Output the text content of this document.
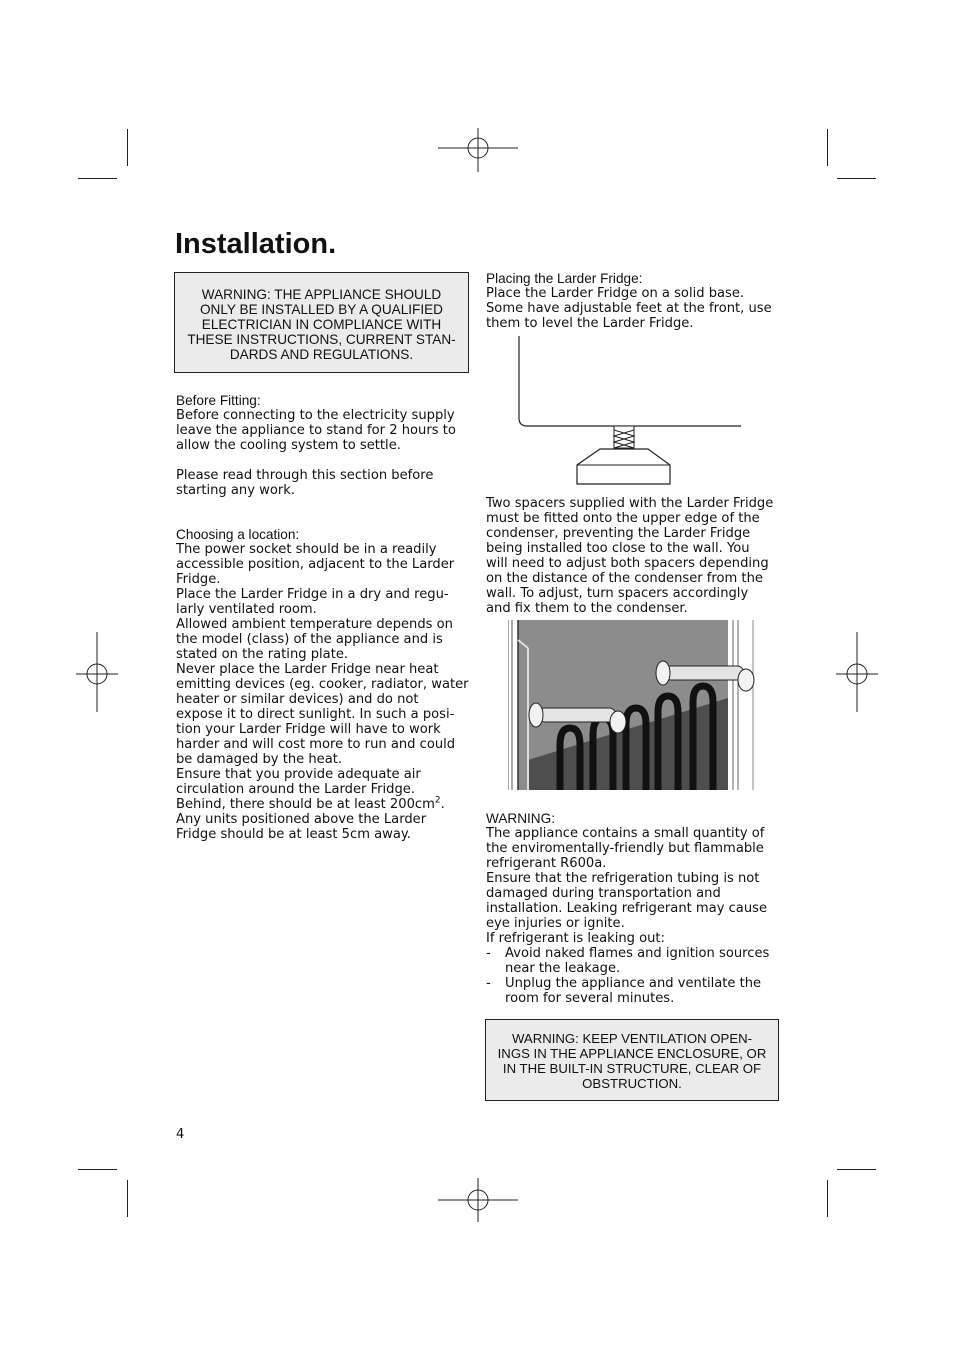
Installation.

WARNING: THE APPLIANCE SHOULD

ONLY BE INSTALLED BY A QUALIFIED

ELECTRICIAN IN COMPLIANCE WITH

THESE INSTRUCTIONS, CURRENT STAN-

DARDS AND REGULATIONS.

Before Fitting:

Before connecting to the electricity supply

leave the appliance to stand for 2 hours to

allow the cooling system to settle.

Please read through this section before

starting any work.

Choosing a location:

The power socket should be in a readily

accessible position, adjacent to the Larder

Fridge.

Place the Larder Fridge in a dry and regu-

larly ventilated room.

Allowed ambient temperature depends on

the model (class) of the appliance and is

stated on the rating plate.

Never place the Larder Fridge near heat

emitting devices (eg. cooker, radiator, water

heater or similar devices) and do not

expose it to direct sunlight. In such a posi-

tion your Larder Fridge will have to work

harder and will cost more to run and could

be damaged by the heat.

Ensure that you provide adequate air

circulation around the Larder Fridge.

Behind, there should be at least $200cm^2$.

Any units positioned above the Larder

Fridge should be at least 5cm away.

Placing the Larder Fridge:

Place the Larder Fridge on a solid base.

Some have adjustable feet at the front, use

them to level the Larder Fridge.

Two spacers supplied with the Larder Fridge

must be fitted onto the upper edge of the

condenser, preventing the Larder Fridge

being installed too close to the wall. You

will need to adjust both spacers depending

on the distance of the condenser from the

wall. To adjust, turn spacers accordingly

and fix them to the condenser.

WARNING:

The appliance contains a small quantity of

the enviromentally-friendly but flammable

refrigerant R600a.

Ensure that the refrigeration tubing is not

damaged during transportation and

installation. Leaking refrigerant may cause

eye injuries or ignite.

If refrigerant is leaking out:

- Avoid naked flames and ignition sources

near the leakage.

- Unplug the appliance and ventilate the

room for several minutes.

WARNING: KEEP VENTILATION OPEN-

INGS IN THE APPLIANCE ENCLOSURE, OR

IN THE BUILT-IN STRUCTURE, CLEAR OF

OBSTRUCTION.

4
